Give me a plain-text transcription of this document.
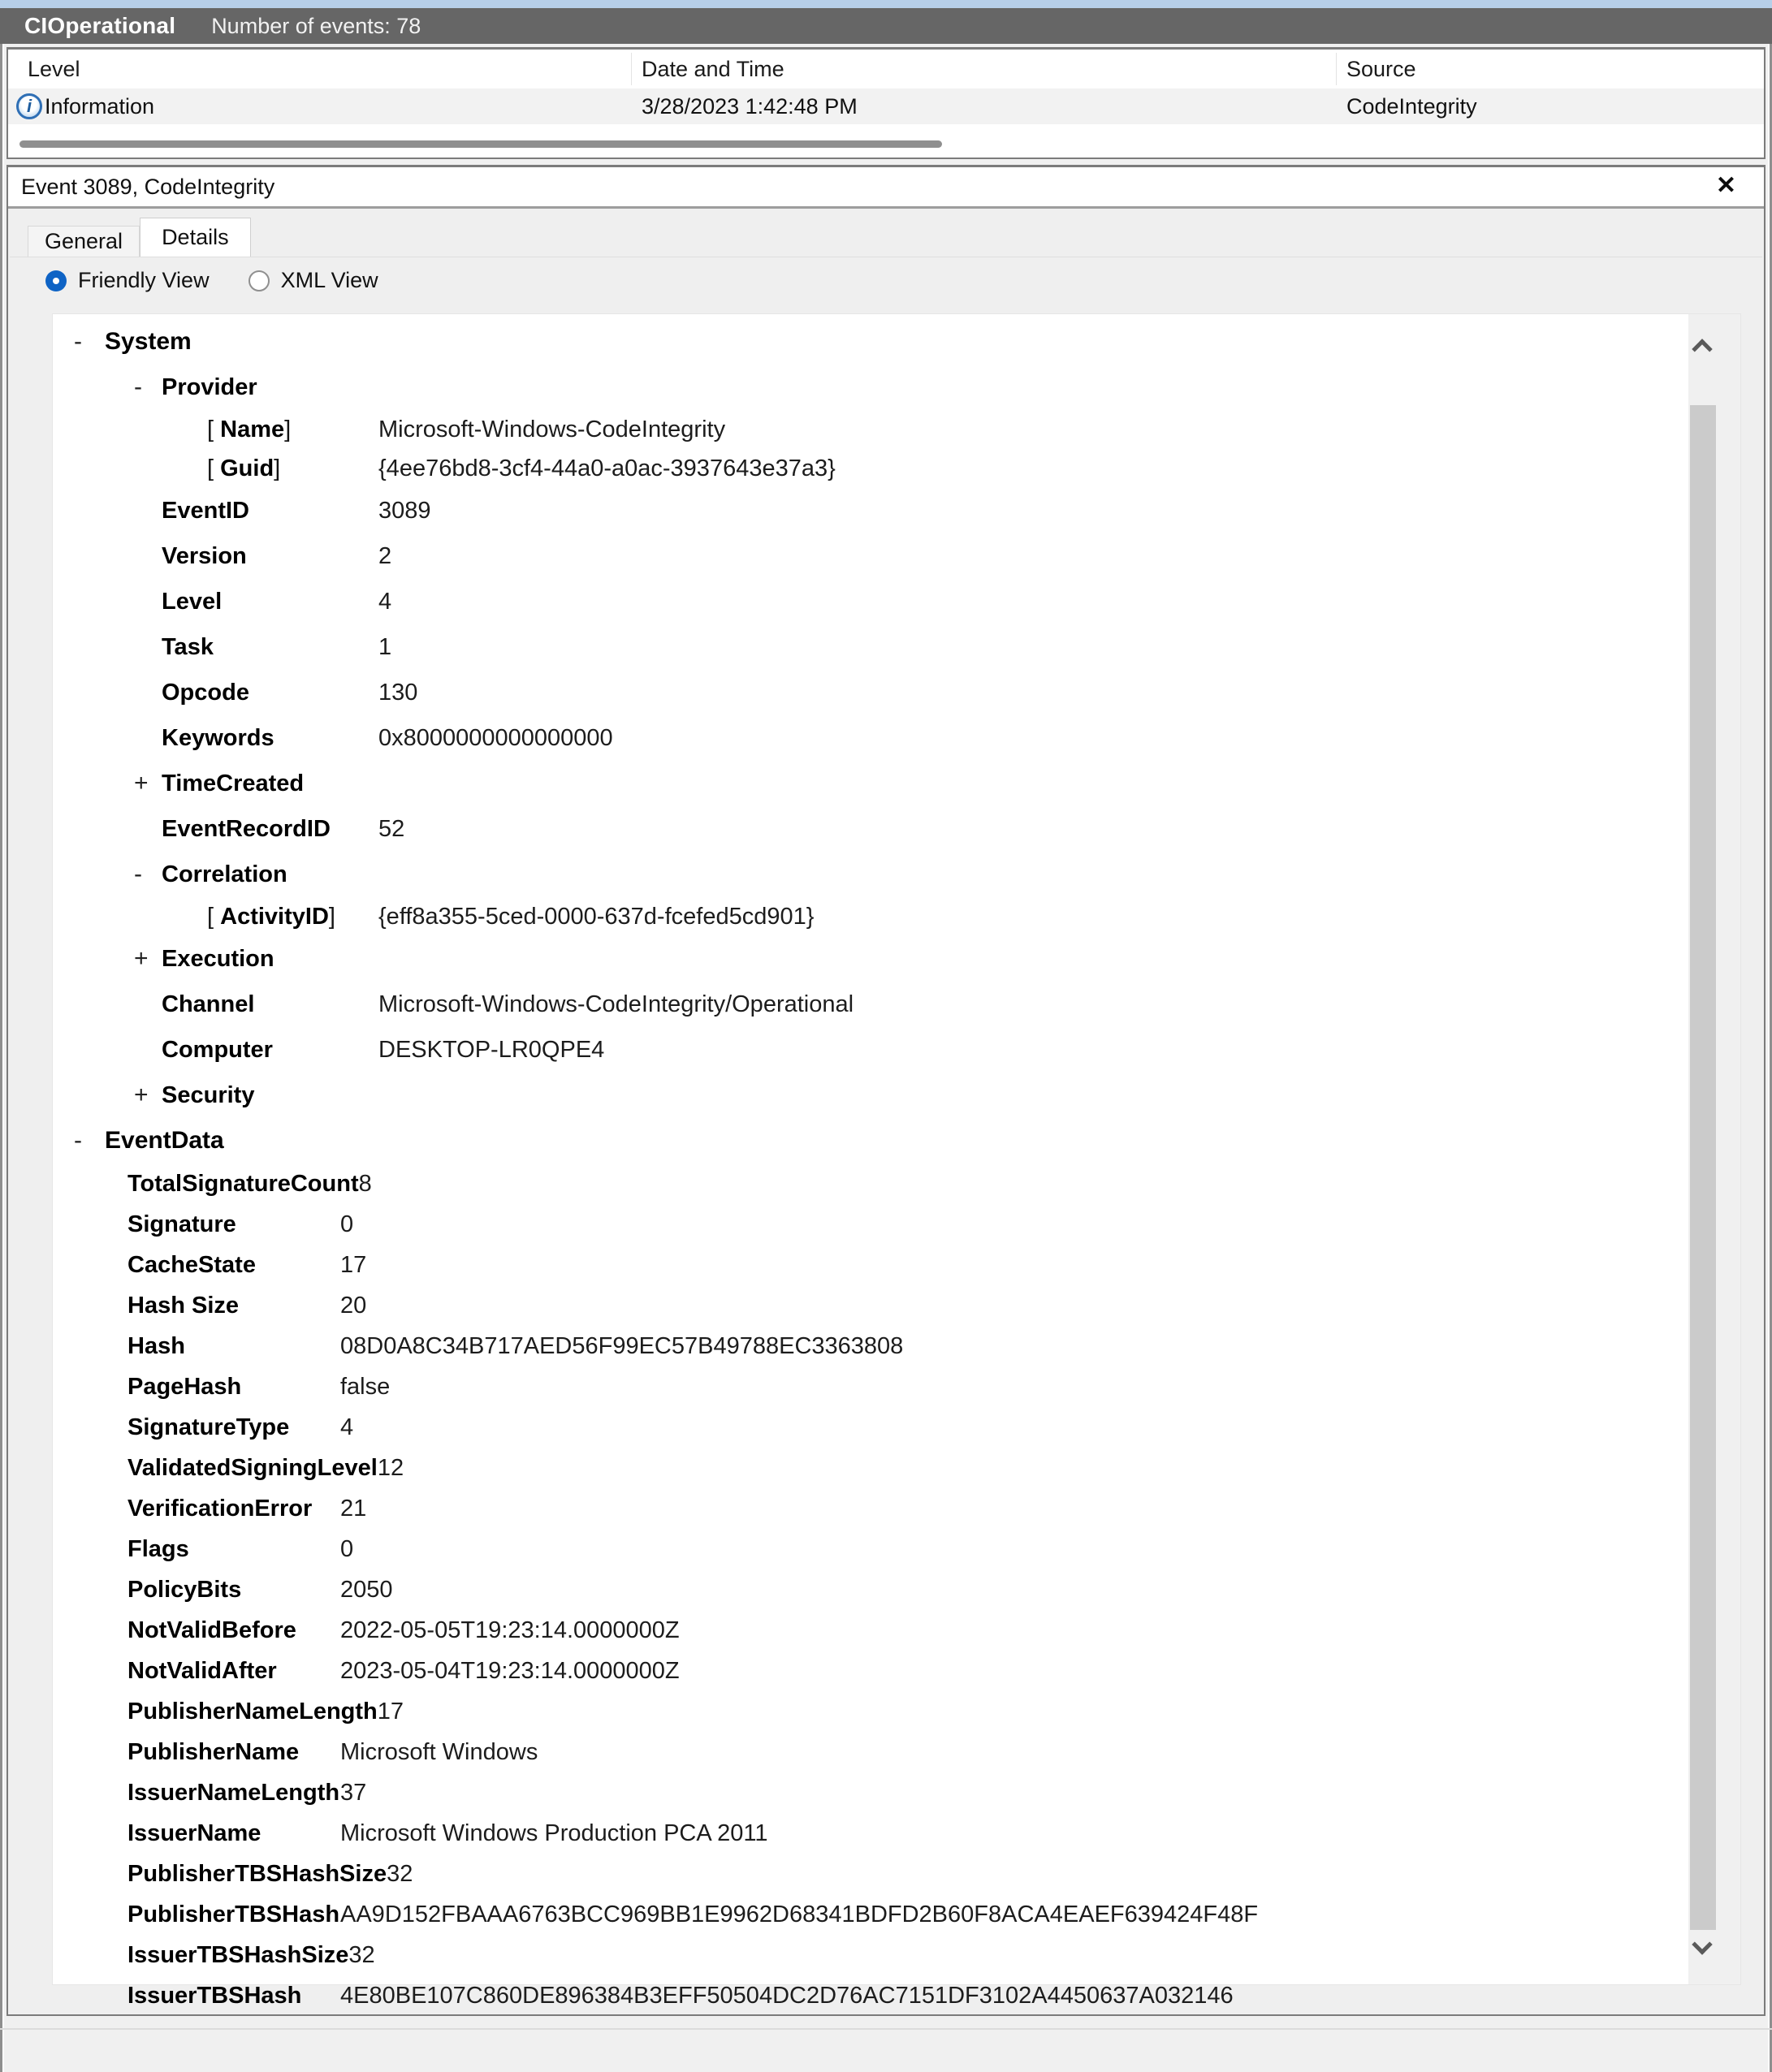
CIOperational Number of events: 78
Level	Date and Time	Source
i Information	3/28/2023 1:42:48 PM	CodeIntegrity
Event 3089, CodeIntegrity	✕
General	Details
Friendly View	XML View
- System
- Provider
[ Name]	Microsoft-Windows-CodeIntegrity
[ Guid]	{4ee76bd8-3cf4-44a0-a0ac-3937643e37a3}
EventID	3089
Version	2
Level	4
Task	1
Opcode	130
Keywords	0x8000000000000000
+ TimeCreated
EventRecordID	52
- Correlation
[ ActivityID]	{eff8a355-5ced-0000-637d-fcefed5cd901}
+ Execution
Channel	Microsoft-Windows-CodeIntegrity/Operational
Computer	DESKTOP-LR0QPE4
+ Security
- EventData
TotalSignatureCount 8
Signature	0
CacheState	17
Hash Size	20
Hash	08D0A8C34B717AED56F99EC57B49788EC3363808
PageHash	false
SignatureType	4
ValidatedSigningLevel 12
VerificationError	21
Flags	0
PolicyBits	2050
NotValidBefore	2022-05-05T19:23:14.0000000Z
NotValidAfter	2023-05-04T19:23:14.0000000Z
PublisherNameLength 17
PublisherName	Microsoft Windows
IssuerNameLength 37
IssuerName	Microsoft Windows Production PCA 2011
PublisherTBSHashSize 32
PublisherTBSHash AA9D152FBAAA6763BCC969BB1E9962D68341BDFD2B60F8ACA4EAEF639424F48F
IssuerTBSHashSize 32
IssuerTBSHash	4E80BE107C860DE896384B3EFF50504DC2D76AC7151DF3102A4450637A032146
